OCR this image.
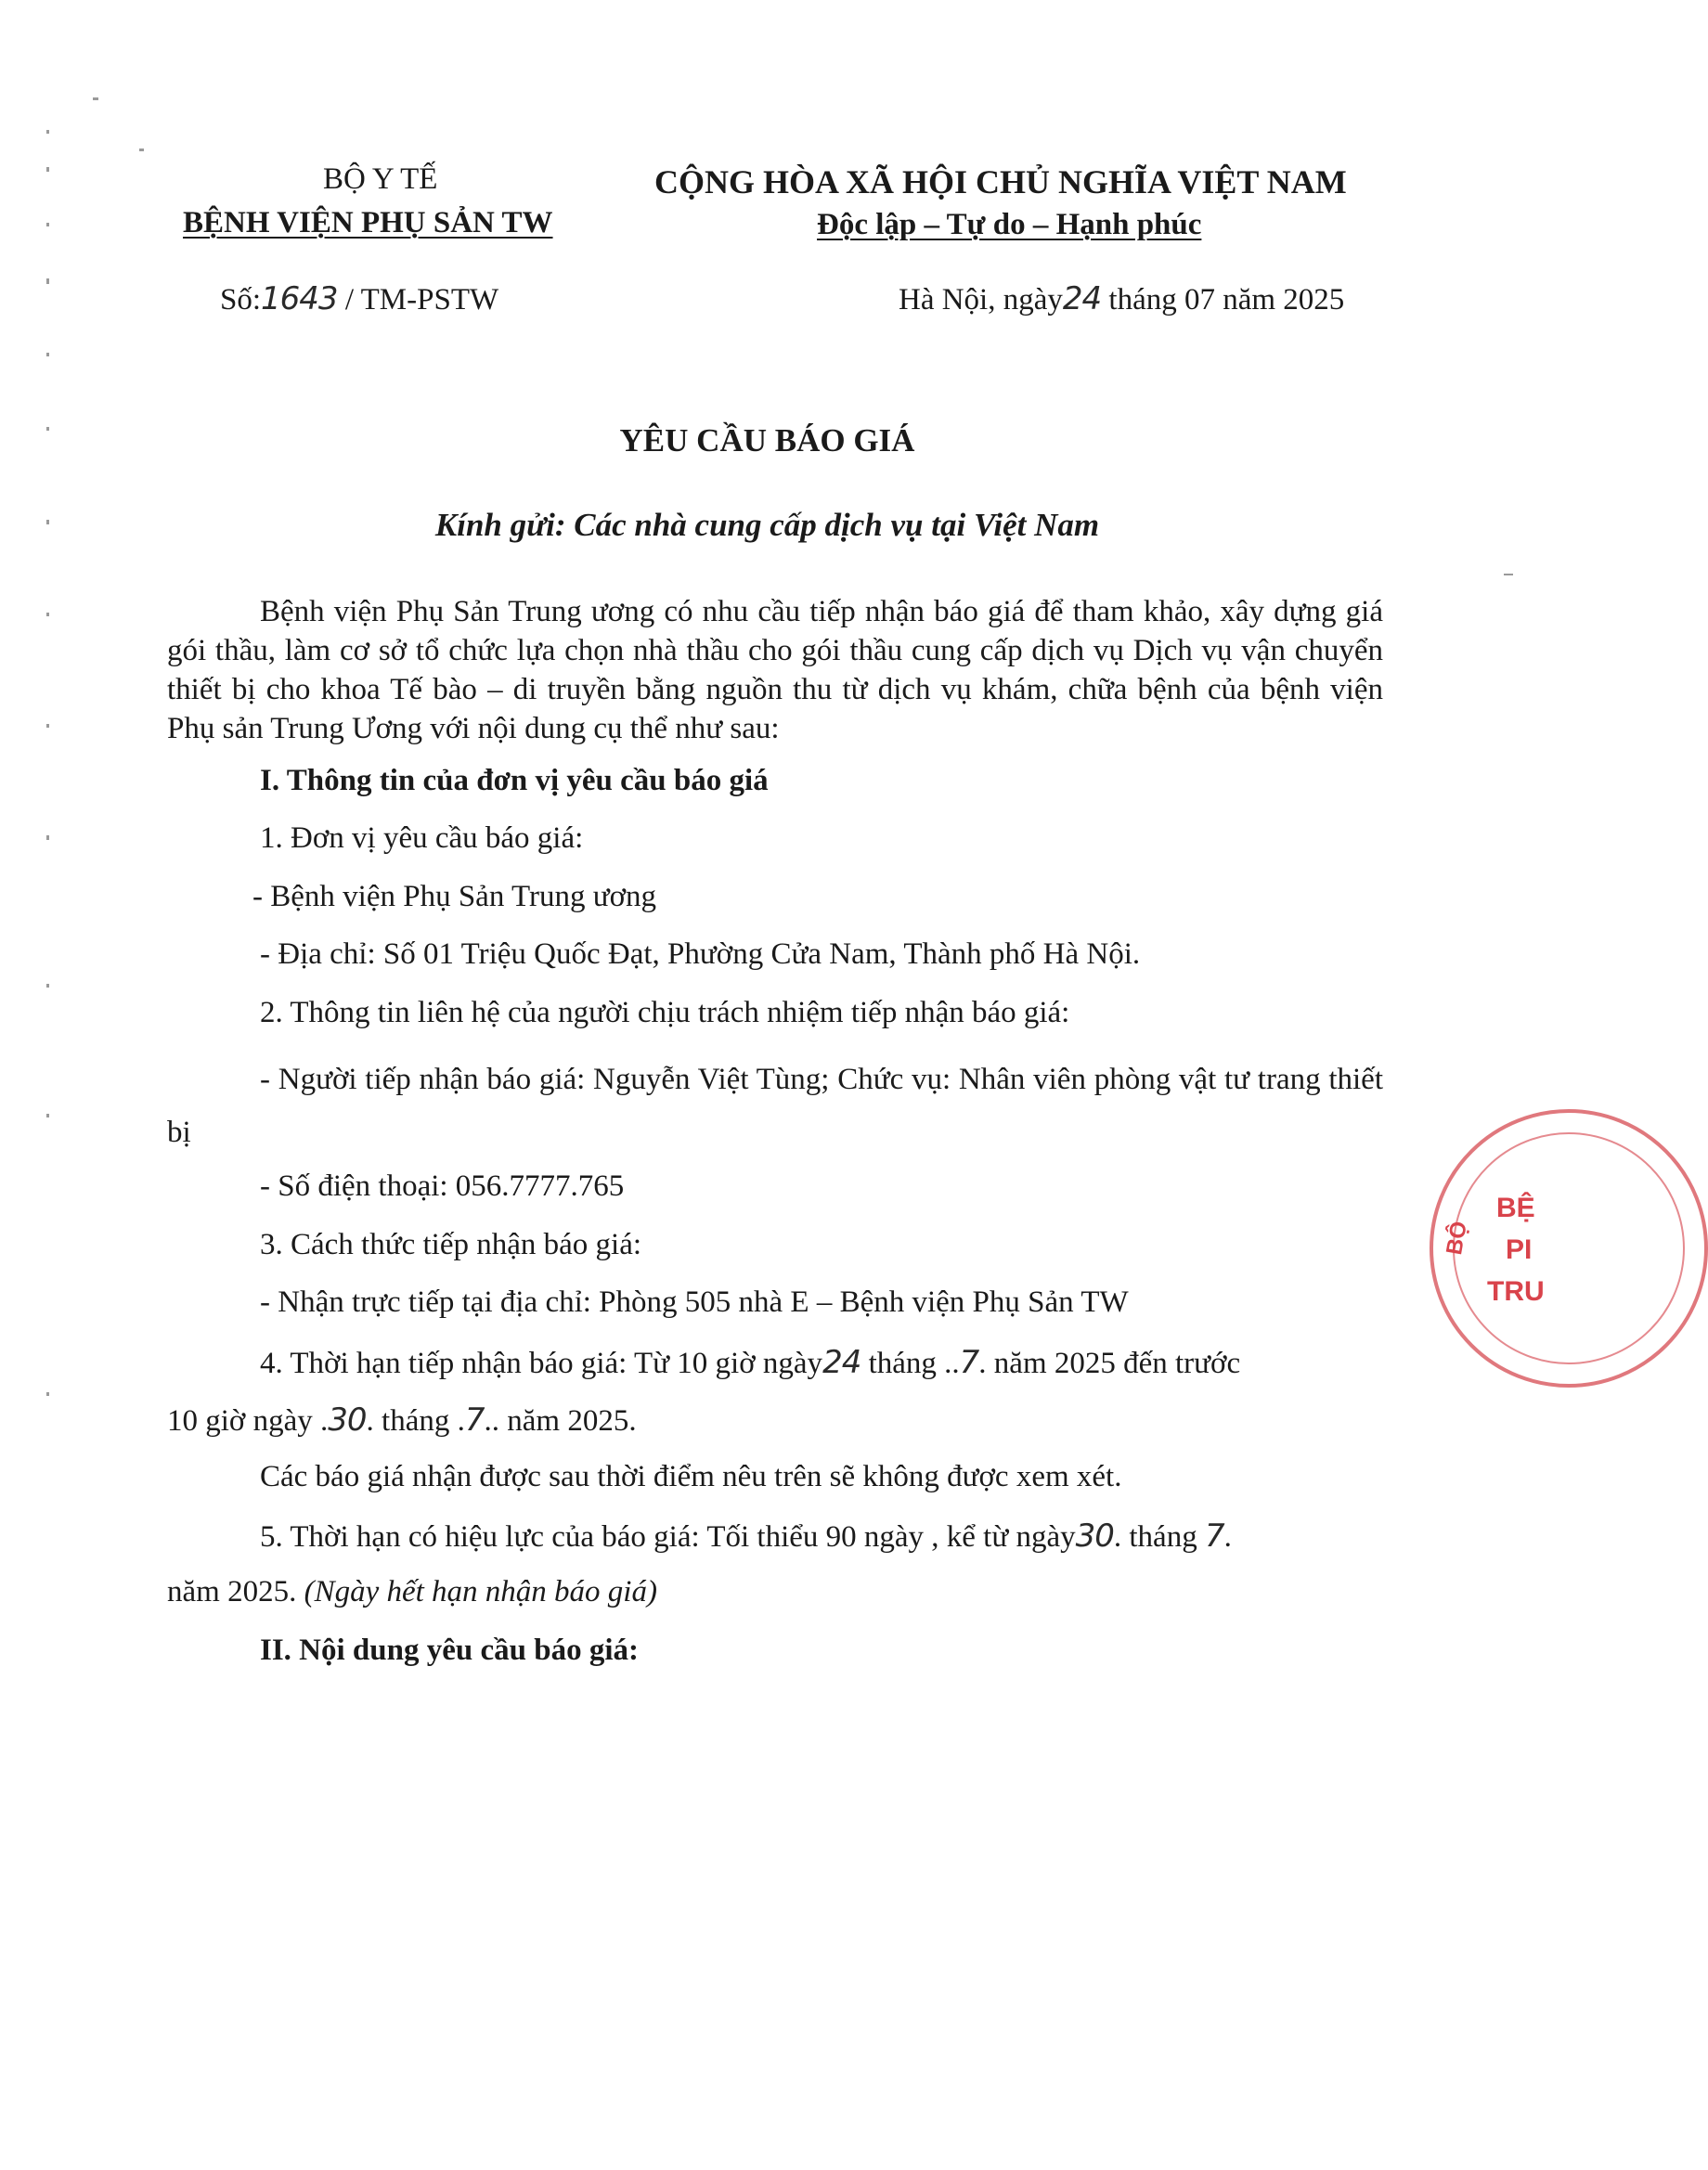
BỘ Y TẾ
BỆNH VIỆN PHỤ SẢN TW
CỘNG HÒA XÃ HỘI CHỦ NGHĨA VIỆT NAM
Độc lập – Tự do – Hạnh phúc
Số:1643 / TM-PSTW	Hà Nội, ngày24 tháng 07 năm 2025
YÊU CẦU BÁO GIÁ
Kính gửi: Các nhà cung cấp dịch vụ tại Việt Nam
Bệnh viện Phụ Sản Trung ương có nhu cầu tiếp nhận báo giá để tham khảo, xây dựng giá gói thầu, làm cơ sở tổ chức lựa chọn nhà thầu cho gói thầu cung cấp dịch vụ Dịch vụ vận chuyển thiết bị cho khoa Tế bào – di truyền bằng nguồn thu từ dịch vụ khám, chữa bệnh của bệnh viện Phụ sản Trung Ương với nội dung cụ thể như sau:
I. Thông tin của đơn vị yêu cầu báo giá
1. Đơn vị yêu cầu báo giá:
- Bệnh viện Phụ Sản Trung ương
- Địa chỉ: Số 01 Triệu Quốc Đạt, Phường Cửa Nam, Thành phố Hà Nội.
2. Thông tin liên hệ của người chịu trách nhiệm tiếp nhận báo giá:
- Người tiếp nhận báo giá: Nguyễn Việt Tùng; Chức vụ: Nhân viên phòng vật tư trang thiết bị
- Số điện thoại: 056.7777.765
3. Cách thức tiếp nhận báo giá:
- Nhận trực tiếp tại địa chỉ: Phòng 505 nhà E – Bệnh viện Phụ Sản TW
4. Thời hạn tiếp nhận báo giá: Từ 10 giờ ngày24 tháng ..7. năm 2025 đến trước
10 giờ ngày .30. tháng .7.. năm 2025.
Các báo giá nhận được sau thời điểm nêu trên sẽ không được xem xét.
5. Thời hạn có hiệu lực của báo giá: Tối thiểu 90 ngày , kể từ ngày30. tháng 7.
năm 2025. (Ngày hết hạn nhận báo giá)
II. Nội dung yêu cầu báo giá:
BỆ
PI
TRU
BỘ
